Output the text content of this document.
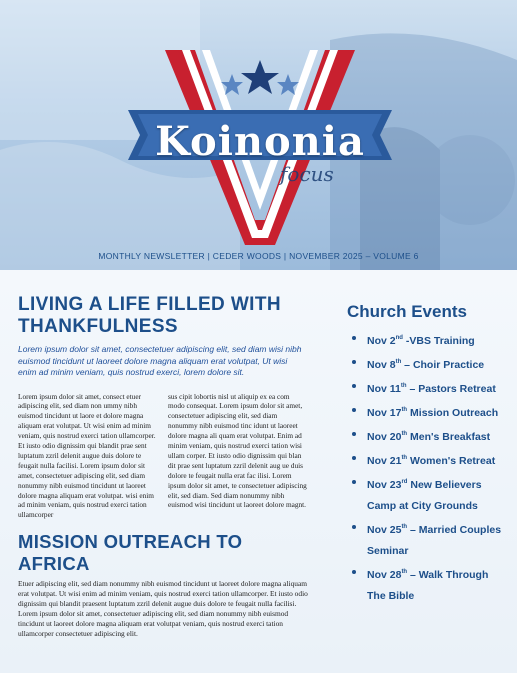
Koinonia
focus
MONTHLY NEWSLETTER | CEDER WOODS | NOVEMBER 2025 – VOLUME 6
LIVING A LIFE FILLED WITH
THANKFULNESS

Lorem ipsum dolor sit amet, consectetuer adipiscing elit, sed diam wisi nibh euismod tincidunt ut laoreet dolore magna aliquam erat volutpat, Ut wisi enim ad minim veniam, quis nostrud exerci, lorem dolore sit.

Lorem ipsum dolor sit amet, consect etuer adipiscing elit, sed diam non ummy nibh euismod tincidunt ut laore et dolore magna aliquam erat volutpat. Ut wisi enim ad minim veniam, quis nostrud exerci tation ullamcorper. Et iusto odio dignissim qui blandit prae sent luptatum zzril delenit augue duis dolore te feugait nulla facilisi. Lorem ipsum dolor sit amet, consectetuer adipiscing elit, sed diam nonummy nibh euismod tincidunt ut laoreet dolore magna aliquam erat volutpat. wisi enim ad minim veniam, quis nostrud exerci tation ullamcorper

sus cipit lobortis nisl ut aliquip ex ea com modo consequat. Lorem ipsum dolor sit amet, consectetuer adipiscing elit, sed diam nonummy nibh euismod tinc idunt ut laoreet dolore magna ali quam erat volutpat. Enim ad minim veniam, quis nostrud exerci tation wisi ullam corper. Et iusto odio dignissim qui blan dit prae sent luptatum zzril delenit aug ue duis dolore te feugait nulla erat fac ilisi. Lorem ipsum dolor sit amet, te consectetuer adipiscing elit, sed diam. Sed diam nonummy nibh euismod wisi tincidunt ut laoreet dolore magnt.

MISSION OUTREACH TO AFRICA

Etuer adipiscing elit, sed diam nonummy nibh euismod tincidunt ut laoreet dolore magna aliquam erat volutpat. Ut wisi enim ad minim veniam, quis nostrud exerci tation ullamcorper. Et iusto odio dignissim qui blandit praesent luptatum zzril delenit augue duis dolore te feugait nulla facilisi. Lorem ipsum dolor sit amet, consectetuer adipiscing elit, sed diam nonummy nibh euismod tincidunt ut laoreet dolore magna aliquam erat volutpat veniam, quis nostrud exerci tation ullamcorper consectetuer adipiscing elit.

Church Events
Nov 2nd -VBS Training
Nov 8th – Choir Practice
Nov 11th – Pastors Retreat
Nov 17th Mission Outreach
Nov 20th Men's Breakfast
Nov 21th Women's Retreat
Nov 23rd New Believers Camp at City Grounds
Nov 25th – Married Couples Seminar
Nov 28th – Walk Through The Bible
